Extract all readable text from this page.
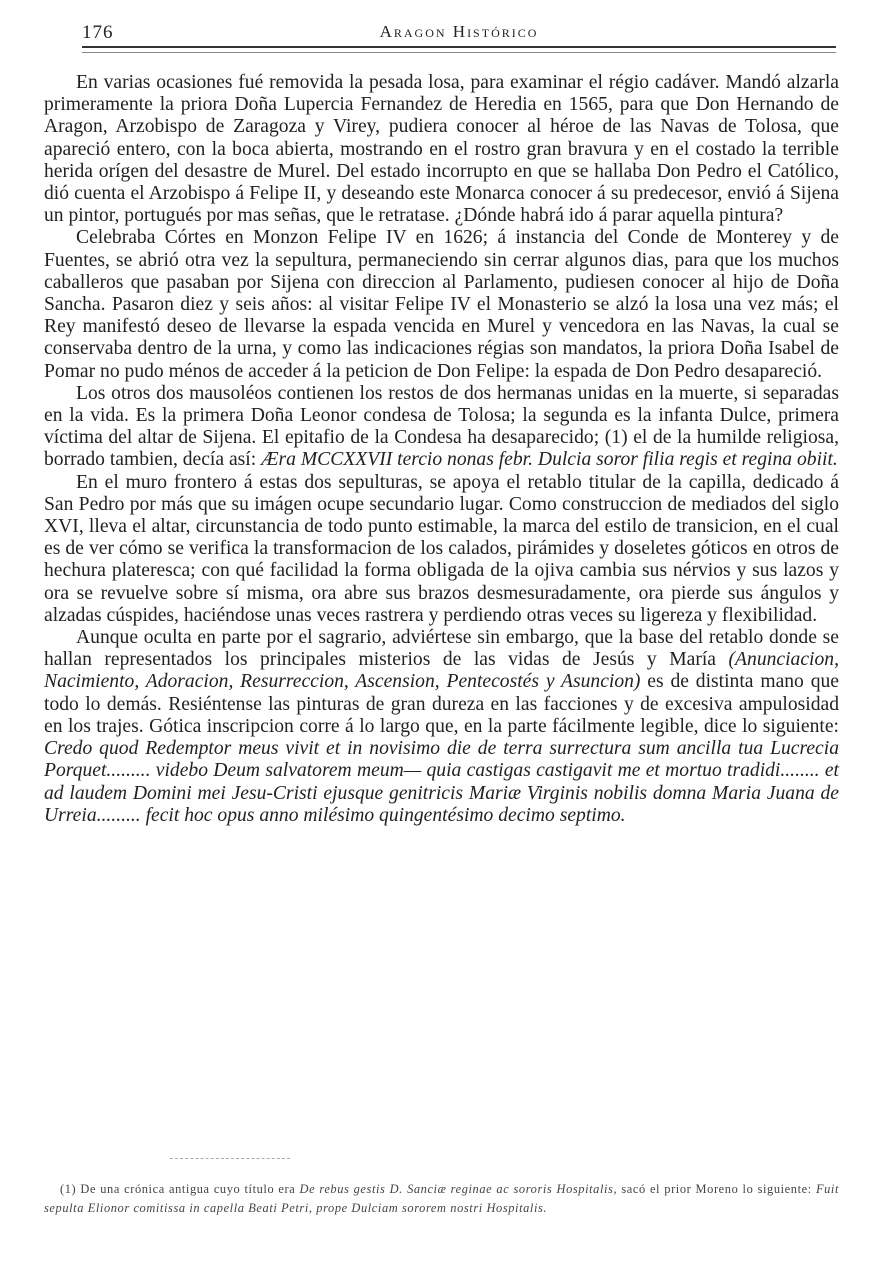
176	Aragon Histórico

En varias ocasiones fué removida la pesada losa, para examinar el régio cadáver. Mandó alzarla primeramente la priora Doña Lupercia Fernandez de Heredia en 1565, para que Don Hernando de Aragon, Arzobispo de Zaragoza y Virey, pudiera conocer al héroe de las Navas de Tolosa, que apareció entero, con la boca abierta, mostrando en el rostro gran bravura y en el costado la terrible herida orígen del desastre de Murel. Del estado incorrupto en que se hallaba Don Pedro el Católico, dió cuenta el Arzobispo á Felipe II, y deseando este Monarca conocer á su predecesor, envió á Sijena un pintor, portugués por mas señas, que le retratase. ¿Dónde habrá ido á parar aquella pintura?

Celebraba Córtes en Monzon Felipe IV en 1626; á instancia del Conde de Monterey y de Fuentes, se abrió otra vez la sepultura, permaneciendo sin cerrar algunos dias, para que los muchos caballeros que pasaban por Sijena con direccion al Parlamento, pudiesen conocer al hijo de Doña Sancha. Pasaron diez y seis años: al visitar Felipe IV el Monasterio se alzó la losa una vez más; el Rey manifestó deseo de llevarse la espada vencida en Murel y vencedora en las Navas, la cual se conservaba dentro de la urna, y como las indicaciones régias son mandatos, la priora Doña Isabel de Pomar no pudo ménos de acceder á la peticion de Don Felipe: la espada de Don Pedro desapareció.

Los otros dos mausoléos contienen los restos de dos hermanas unidas en la muerte, si separadas en la vida. Es la primera Doña Leonor condesa de Tolosa; la segunda es la infanta Dulce, primera víctima del altar de Sijena. El epitafio de la Condesa ha desaparecido; (1) el de la humilde religiosa, borrado tambien, decía así: Æra MCCXXVII tercio nonas febr. Dulcia soror filia regis et regina obiit.

En el muro frontero á estas dos sepulturas, se apoya el retablo titular de la capilla, dedicado á San Pedro por más que su imágen ocupe secundario lugar. Como construccion de mediados del siglo XVI, lleva el altar, circunstancia de todo punto estimable, la marca del estilo de transicion, en el cual es de ver cómo se verifica la transformacion de los calados, pirámides y doseletes góticos en otros de hechura plateresca; con qué facilidad la forma obligada de la ojiva cambia sus nérvios y sus lazos y ora se revuelve sobre sí misma, ora abre sus brazos desmesuradamente, ora pierde sus ángulos y alzadas cúspides, haciéndose unas veces rastrera y perdiendo otras veces su ligereza y flexibilidad.

Aunque oculta en parte por el sagrario, adviértese sin embargo, que la base del retablo donde se hallan representados los principales misterios de las vidas de Jesús y María (Anunciacion, Nacimiento, Adoracion, Resurreccion, Ascension, Pentecostés y Asuncion) es de distinta mano que todo lo demás. Resiéntense las pinturas de gran dureza en las facciones y de excesiva ampulosidad en los trajes. Gótica inscripcion corre á lo largo que, en la parte fácilmente legible, dice lo siguiente: Credo quod Redemptor meus vivit et in novisimo die de terra surrectura sum ancilla tua Lucrecia Porquet......... videbo Deum salvatorem meum— quia castigas castigavit me et mortuo tradidi........ et ad laudem Domini mei Jesu-Cristi ejusque genitricis Mariæ Virginis nobilis domna Maria Juana de Urreia......... fecit hoc opus anno milésimo quingentésimo decimo septimo.

(1) De una crónica antigua cuyo título era De rebus gestis D. Sanciæ reginae ac sororis Hospitalis, sacó el prior Moreno lo siguiente: Fuit sepulta Elionor comitissa in capella Beati Petri, prope Dulciam sororem nostri Hospitalis.
